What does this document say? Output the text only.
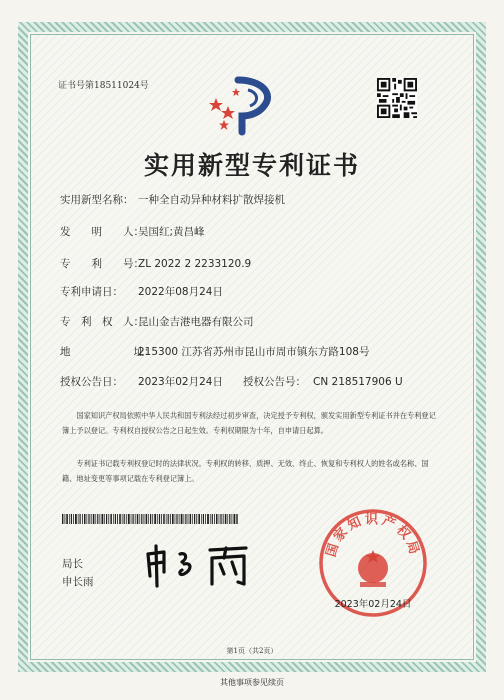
证书号第18511024号
实用新型专利证书
实用新型名称： 一种全自动异种材料扩散焊接机
发　　明　　人：吴国红;黄昌峰
专　　利　　号：ZL 2022 2 2233120.9
专利申请日： 2022年08月24日
专　利　权　人：昆山金吉港电器有限公司
地　　　　　　址：215300 江苏省苏州市昆山市周市镇东方路108号
授权公告日： 2023年02月24日 授权公告号： CN 218517906 U
国家知识产权局依照中华人民共和国专利法经过初步审查，决定授予专利权，颁发实用新型专利证书并在专利登记簿上予以登记。专利权自授权公告之日起生效。专利权期限为十年，自申请日起算。
专利证书记载专利权登记时的法律状况。专利权的转移、质押、无效、终止、恢复和专利权人的姓名或名称、国籍、地址变更等事项记载在专利登记簿上。
局长
申长雨
国家知识产权局
2023年02月24日
第1页（共2页）
其他事项参见续页
